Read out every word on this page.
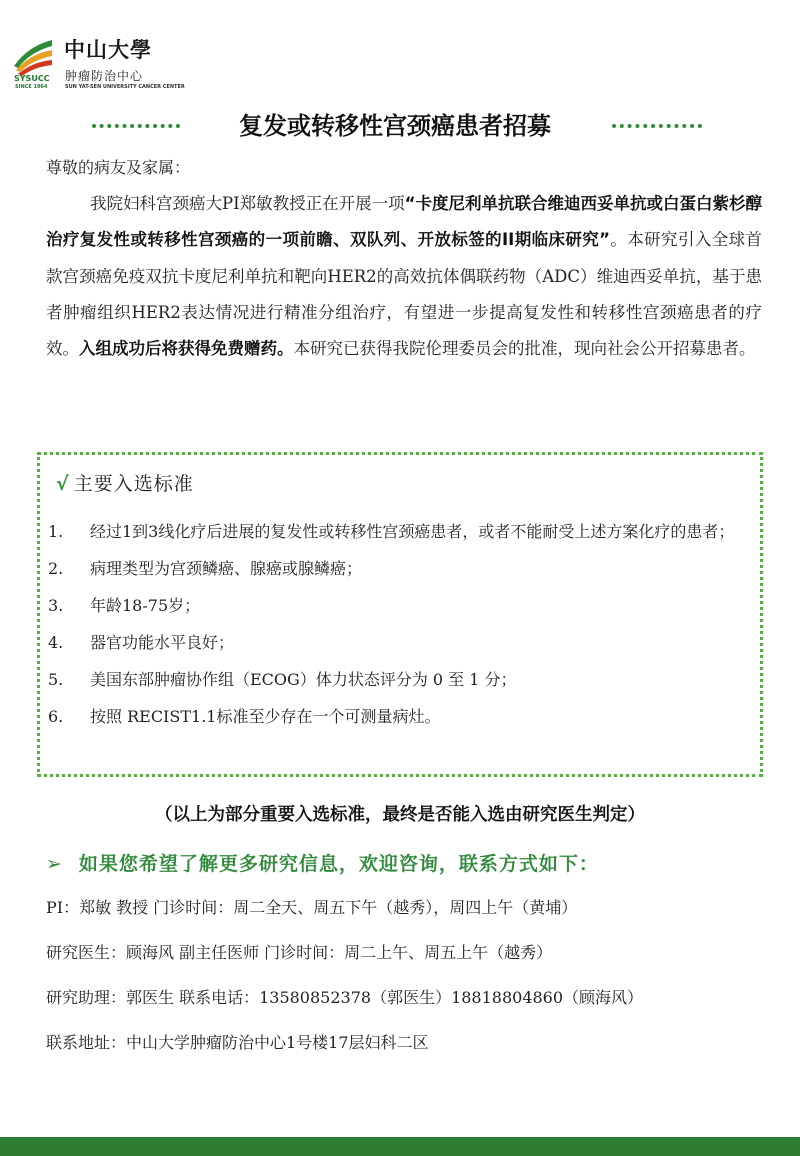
SYSUCC
SINCE 1964
中山大學
肿瘤防治中心
SUN YAT-SEN UNIVERSITY CANCER CENTER
复发或转移性宫颈癌患者招募
尊敬的病友及家属：
我院妇科宫颈癌大PI郑敏教授正在开展一项“卡度尼利单抗联合维迪西妥单抗或白蛋白紫杉醇治疗复发性或转移性宫颈癌的一项前瞻、双队列、开放标签的II期临床研究”。本研究引入全球首款宫颈癌免疫双抗卡度尼利单抗和靶向HER2的高效抗体偶联药物（ADC）维迪西妥单抗，基于患者肿瘤组织HER2表达情况进行精准分组治疗，有望进一步提高复发性和转移性宫颈癌患者的疗效。入组成功后将获得免费赠药。本研究已获得我院伦理委员会的批准，现向社会公开招募患者。
√ 主要入选标准
1.	经过1到3线化疗后进展的复发性或转移性宫颈癌患者，或者不能耐受上述方案化疗的患者；
2.	病理类型为宫颈鳞癌、腺癌或腺鳞癌；
3.	年龄18-75岁；
4.	器官功能水平良好；
5.	美国东部肿瘤协作组（ECOG）体力状态评分为 0 至 1 分；
6.	按照 RECIST1.1标准至少存在一个可测量病灶。
（以上为部分重要入选标准，最终是否能入选由研究医生判定）
➢ 如果您希望了解更多研究信息，欢迎咨询，联系方式如下：
PI：郑敏 教授 门诊时间：周二全天、周五下午（越秀），周四上午（黄埔）
研究医生：顾海风 副主任医师 门诊时间：周二上午、周五上午（越秀）
研究助理：郭医生 联系电话：13580852378（郭医生）18818804860（顾海风）
联系地址：中山大学肿瘤防治中心1号楼17层妇科二区
